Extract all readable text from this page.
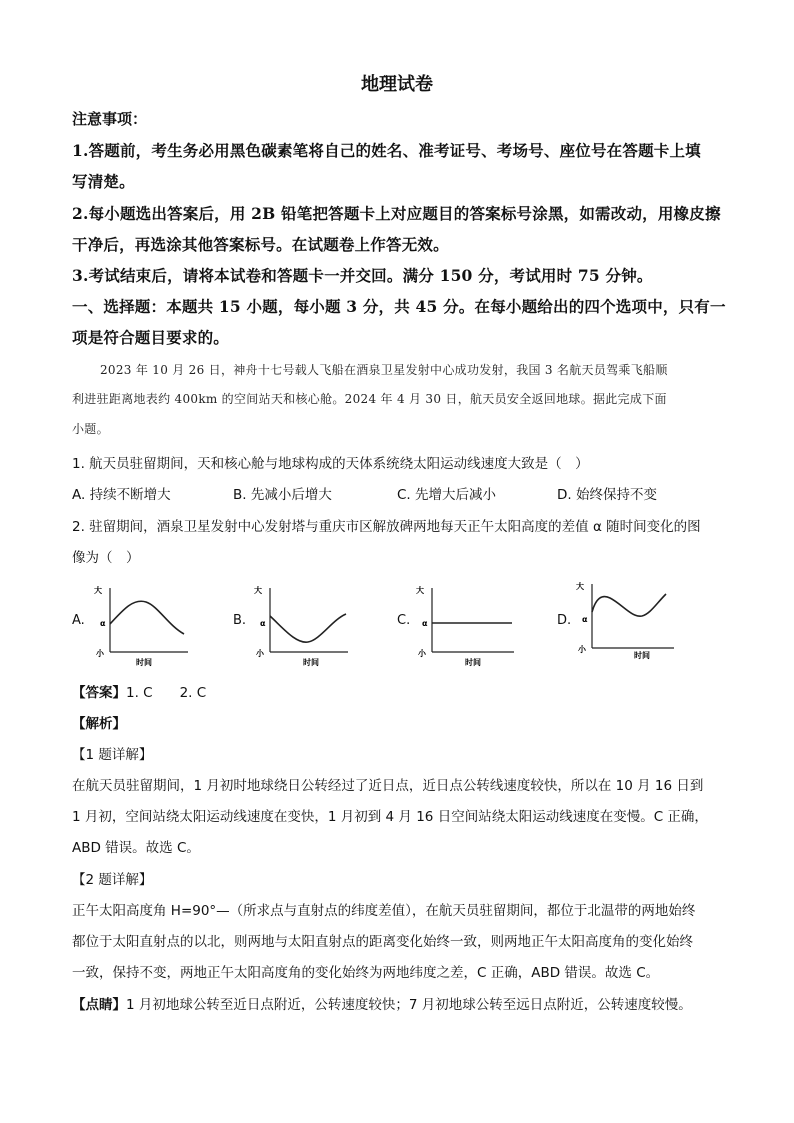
地理试卷
注意事项：
1.答题前，考生务必用黑色碳素笔将自己的姓名、准考证号、考场号、座位号在答题卡上填
写清楚。
2.每小题选出答案后，用 2B 铅笔把答题卡上对应题目的答案标号涂黑，如需改动，用橡皮擦
干净后，再选涂其他答案标号。在试题卷上作答无效。
3.考试结束后，请将本试卷和答题卡一并交回。满分 150 分，考试用时 75 分钟。
一、选择题：本题共 15 小题，每小题 3 分，共 45 分。在每小题给出的四个选项中，只有一
项是符合题目要求的。
2023 年 10 月 26 日，神舟十七号载人飞船在酒泉卫星发射中心成功发射，我国 3 名航天员驾乘飞船顺
利进驻距离地表约 400km 的空间站天和核心舱。2024 年 4 月 30 日，航天员安全返回地球。据此完成下面
小题。
1. 航天员驻留期间，天和核心舱与地球构成的天体系统绕太阳运动线速度大致是（　）
A. 持续不断增大	B. 先减小后增大	C. 先增大后减小	D. 始终保持不变
2. 驻留期间，酒泉卫星发射中心发射塔与重庆市区解放碑两地每天正午太阳高度的差值 α 随时间变化的图
像为（　）
A.
大
α
小
时间
B.
大
α
小
时间
C.
大
α
小
时间
D.
大
α
小
时间
【答案】1. C　　2. C
【解析】
【1 题详解】
在航天员驻留期间，1 月初时地球绕日公转经过了近日点，近日点公转线速度较快，所以在 10 月 16 日到
1 月初，空间站绕太阳运动线速度在变快，1 月初到 4 月 16 日空间站绕太阳运动线速度在变慢。C 正确，
ABD 错误。故选 C。
【2 题详解】
正午太阳高度角 H=90°—（所求点与直射点的纬度差值），在航天员驻留期间，都位于北温带的两地始终
都位于太阳直射点的以北，则两地与太阳直射点的距离变化始终一致，则两地正午太阳高度角的变化始终
一致，保持不变，两地正午太阳高度角的变化始终为两地纬度之差，C 正确，ABD 错误。故选 C。
【点睛】1 月初地球公转至近日点附近，公转速度较快；7 月初地球公转至远日点附近，公转速度较慢。
